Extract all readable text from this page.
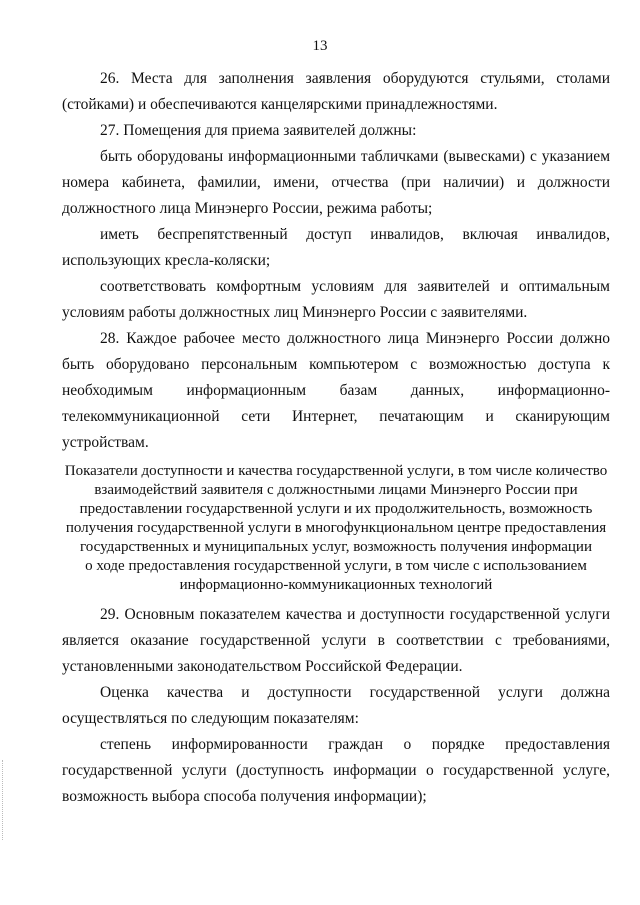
13

26. Места для заполнения заявления оборудуются стульями, столами (стойками) и обеспечиваются канцелярскими принадлежностями.

27. Помещения для приема заявителей должны:

быть оборудованы информационными табличками (вывесками) с указанием номера кабинета, фамилии, имени, отчества (при наличии) и должности должностного лица Минэнерго России, режима работы;

иметь беспрепятственный доступ инвалидов, включая инвалидов, использующих кресла-коляски;

соответствовать комфортным условиям для заявителей и оптимальным условиям работы должностных лиц Минэнерго России с заявителями.

28. Каждое рабочее место должностного лица Минэнерго России должно быть оборудовано персональным компьютером с возможностью доступа к необходимым информационным базам данных, информационно-телекоммуникационной сети Интернет, печатающим и сканирующим устройствам.

Показатели доступности и качества государственной услуги, в том числе количество
взаимодействий заявителя с должностными лицами Минэнерго России при
предоставлении государственной услуги и их продолжительность, возможность
получения государственной услуги в многофункциональном центре предоставления
государственных и муниципальных услуг, возможность получения информации
о ходе предоставления государственной услуги, в том числе с использованием
информационно-коммуникационных технологий

29. Основным показателем качества и доступности государственной услуги является оказание государственной услуги в соответствии с требованиями, установленными законодательством Российской Федерации.

Оценка качества и доступности государственной услуги должна осуществляться по следующим показателям:

степень информированности граждан о порядке предоставления государственной услуги (доступность информации о государственной услуге, возможность выбора способа получения информации);
